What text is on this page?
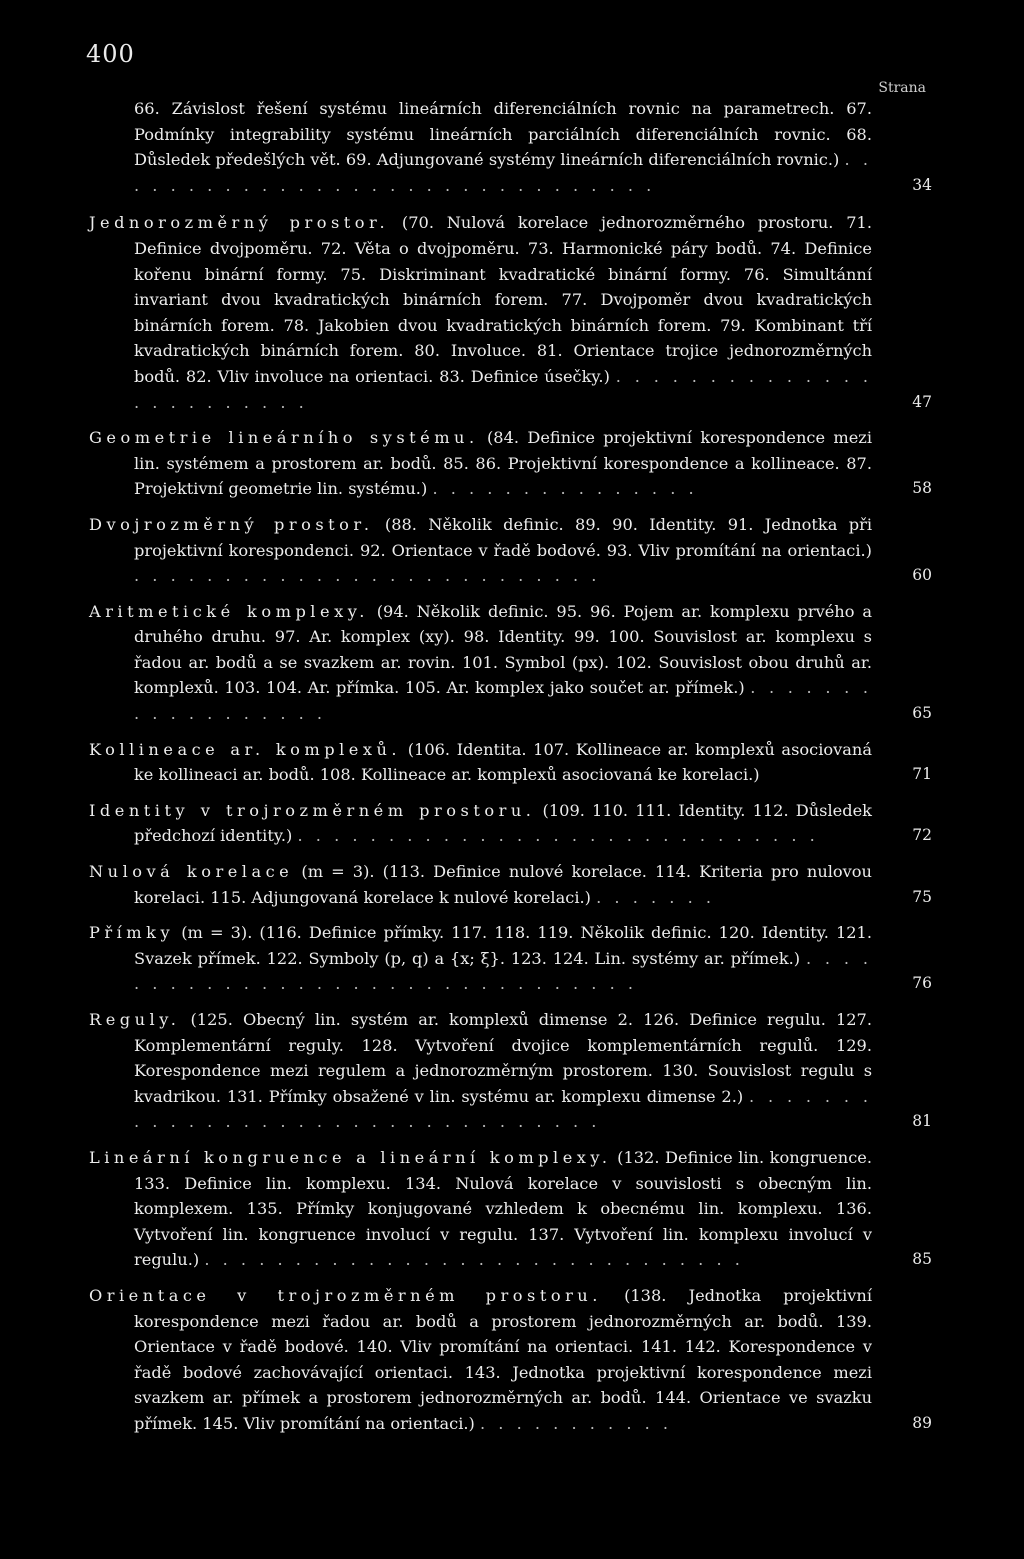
400
Strana
66. Závislost řešení systému lineárních diferenciálních rovnic na parametrech. 67. Podmínky integrability systému lineárních parciálních diferenciálních rovnic. 68. Důsledek předešlých vět. 69. Adjungované systémy lineárních diferenciálních rovnic.) . . . . . . . . . . . . . . . . . . . . . . . . . . . . . . .	34
Jednorozměrný prostor. (70. Nulová korelace jednorozměrného prostoru. 71. Definice dvojpoměru. 72. Věta o dvojpoměru. 73. Harmonické páry bodů. 74. Definice kořenu binární formy. 75. Diskriminant kvadratické binární formy. 76. Simultánní invariant dvou kvadratických binárních forem. 77. Dvojpoměr dvou kvadratických binárních forem. 78. Jakobien dvou kvadratických binárních forem. 79. Kombinant tří kvadratických binárních forem. 80. Involuce. 81. Orientace trojice jednorozměrných bodů. 82. Vliv involuce na orientaci. 83. Definice úsečky.) . . . . . . . . . . . . . . . . . . . . . . . .	47
Geometrie lineárního systému. (84. Definice projektivní korespondence mezi lin. systémem a prostorem ar. bodů. 85. 86. Projektivní korespondence a kollineace. 87. Projektivní geometrie lin. systému.) . . . . . . . . . . . . . . .	58
Dvojrozměrný prostor. (88. Několik definic. 89. 90. Identity. 91. Jednotka při projektivní korespondenci. 92. Orientace v řadě bodové. 93. Vliv promítání na orientaci.) . . . . . . . . . . . . . . . . . . . . . . . . . .	60
Aritmetické komplexy. (94. Několik definic. 95. 96. Pojem ar. komplexu prvého a druhého druhu. 97. Ar. komplex (xy). 98. Identity. 99. 100. Souvislost ar. komplexu s řadou ar. bodů a se svazkem ar. rovin. 101. Symbol (px). 102. Souvislost obou druhů ar. komplexů. 103. 104. Ar. přímka. 105. Ar. komplex jako součet ar. přímek.) . . . . . . . . . . . . . . . . . .	65
Kollineace ar. komplexů. (106. Identita. 107. Kollineace ar. komplexů asociovaná ke kollineaci ar. bodů. 108. Kollineace ar. komplexů asociovaná ke korelaci.)	71
Identity v trojrozměrném prostoru. (109. 110. 111. Identity. 112. Důsledek předchozí identity.) . . . . . . . . . . . . . . . . . . . . . . . . . . . . .	72
Nulová korelace (m = 3). (113. Definice nulové korelace. 114. Kriteria pro nulovou korelaci. 115. Adjungovaná korelace k nulové korelaci.) . . . . . . .	75
Přímky (m = 3). (116. Definice přímky. 117. 118. 119. Několik definic. 120. Identity. 121. Svazek přímek. 122. Symboly (p, q) a {x; ξ}. 123. 124. Lin. systémy ar. přímek.) . . . . . . . . . . . . . . . . . . . . . . . . . . . . . . . .	76
Reguly. (125. Obecný lin. systém ar. komplexů dimense 2. 126. Definice regulu. 127. Komplementární reguly. 128. Vytvoření dvojice komplementárních regulů. 129. Korespondence mezi regulem a jednorozměrným prostorem. 130. Souvislost regulu s kvadrikou. 131. Přímky obsažené v lin. systému ar. komplexu dimense 2.) . . . . . . . . . . . . . . . . . . . . . . . . . . . . . . . . .	81
Lineární kongruence a lineární komplexy. (132. Definice lin. kongruence. 133. Definice lin. komplexu. 134. Nulová korelace v souvislosti s obecným lin. komplexem. 135. Přímky konjugované vzhledem k obecnému lin. komplexu. 136. Vytvoření lin. kongruence involucí v regulu. 137. Vytvoření lin. komplexu involucí v regulu.) . . . . . . . . . . . . . . . . . . . . . . . . . . . . . .	85
Orientace v trojrozměrném prostoru. (138. Jednotka projektivní korespondence mezi řadou ar. bodů a prostorem jednorozměrných ar. bodů. 139. Orientace v řadě bodové. 140. Vliv promítání na orientaci. 141. 142. Korespondence v řadě bodové zachovávající orientaci. 143. Jednotka projektivní korespondence mezi svazkem ar. přímek a prostorem jednorozměrných ar. bodů. 144. Orientace ve svazku přímek. 145. Vliv promítání na orientaci.) . . . . . . . . . . .	89
